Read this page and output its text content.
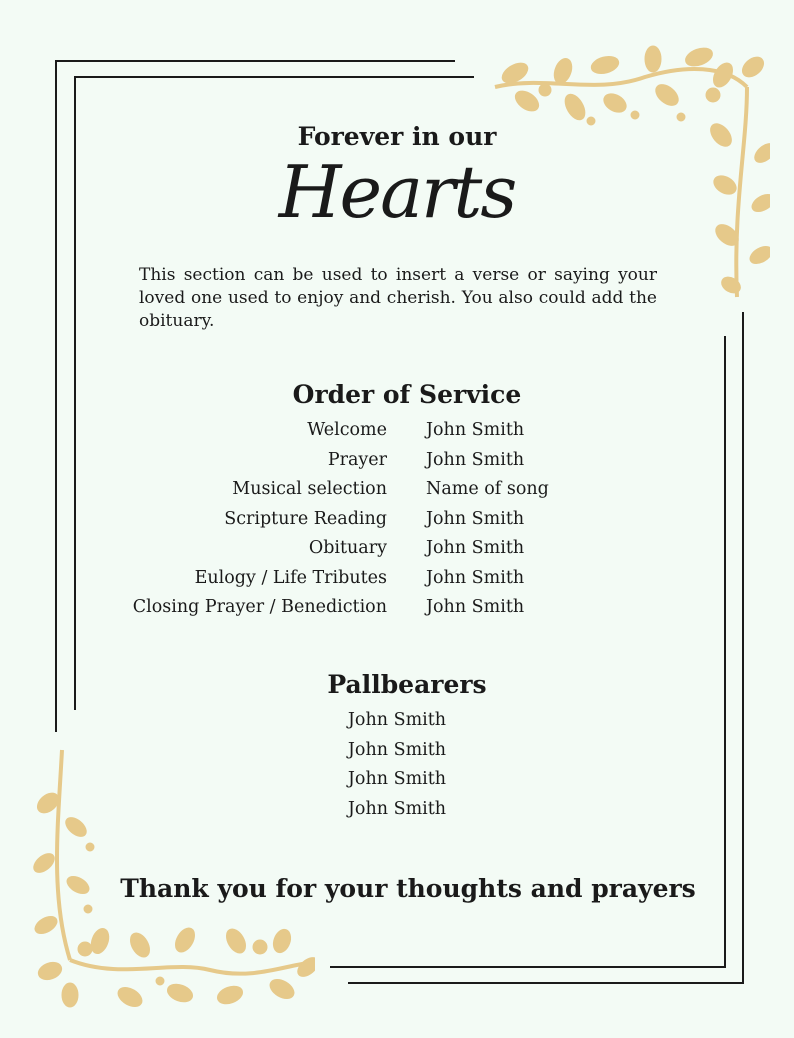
Forever in our
Hearts
This section can be used to insert a verse or saying your loved one used to enjoy and cherish. You also could add the obituary.
Order of Service
Welcome John Smith
Prayer John Smith
Musical selection Name of song
Scripture Reading John Smith
Obituary John Smith
Eulogy / Life Tributes John Smith
Closing Prayer / Benediction John Smith
Pallbearers
John Smith
John Smith
John Smith
John Smith
Thank you for your thoughts and prayers
